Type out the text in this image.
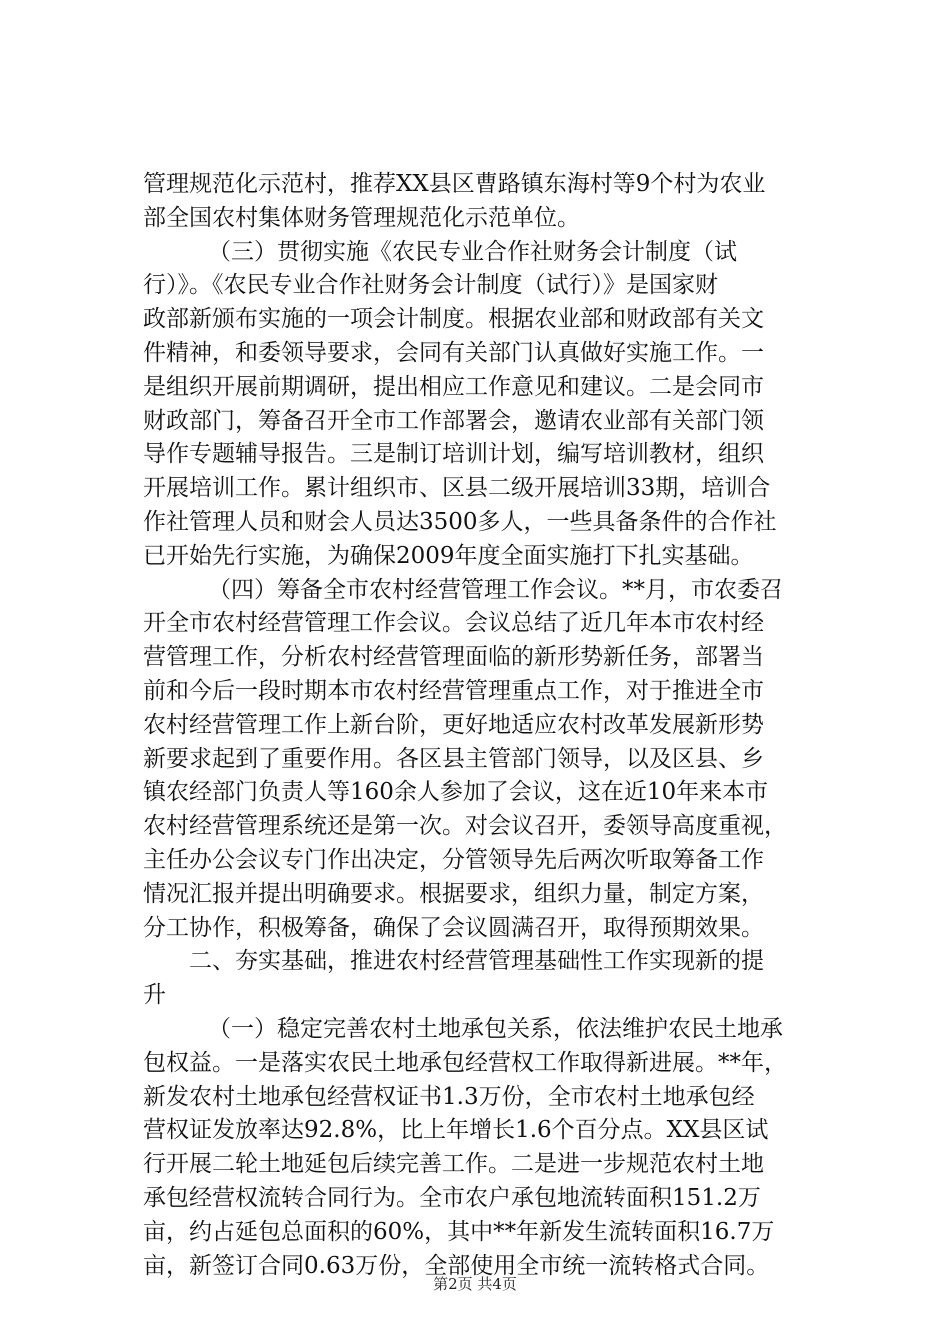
管理规范化示范村，推荐XX县区曹路镇东海村等9个村为农业
部全国农村集体财务管理规范化示范单位。
（三）贯彻实施《农民专业合作社财务会计制度（试
行）》。《农民专业合作社财务会计制度（试行）》是国家财
政部新颁布实施的一项会计制度。根据农业部和财政部有关文
件精神，和委领导要求，会同有关部门认真做好实施工作。一
是组织开展前期调研，提出相应工作意见和建议。二是会同市
财政部门，筹备召开全市工作部署会，邀请农业部有关部门领
导作专题辅导报告。三是制订培训计划，编写培训教材，组织
开展培训工作。累计组织市、区县二级开展培训33期，培训合
作社管理人员和财会人员达3500多人，一些具备条件的合作社
已开始先行实施，为确保2009年度全面实施打下扎实基础。
（四）筹备全市农村经营管理工作会议。**月，市农委召
开全市农村经营管理工作会议。会议总结了近几年本市农村经
营管理工作，分析农村经营管理面临的新形势新任务，部署当
前和今后一段时期本市农村经营管理重点工作，对于推进全市
农村经营管理工作上新台阶，更好地适应农村改革发展新形势
新要求起到了重要作用。各区县主管部门领导，以及区县、乡
镇农经部门负责人等160余人参加了会议，这在近10年来本市
农村经营管理系统还是第一次。对会议召开，委领导高度重视，
主任办公会议专门作出决定，分管领导先后两次听取筹备工作
情况汇报并提出明确要求。根据要求，组织力量，制定方案，
分工协作，积极筹备，确保了会议圆满召开，取得预期效果。
二、夯实基础，推进农村经营管理基础性工作实现新的提
升
（一）稳定完善农村土地承包关系，依法维护农民土地承
包权益。一是落实农民土地承包经营权工作取得新进展。**年，
新发农村土地承包经营权证书1.3万份，全市农村土地承包经
营权证发放率达92.8%，比上年增长1.6个百分点。XX县区试
行开展二轮土地延包后续完善工作。二是进一步规范农村土地
承包经营权流转合同行为。全市农户承包地流转面积151.2万
亩，约占延包总面积的60%，其中**年新发生流转面积16.7万
亩，新签订合同0.63万份，全部使用全市统一流转格式合同。
第2页 共4页
